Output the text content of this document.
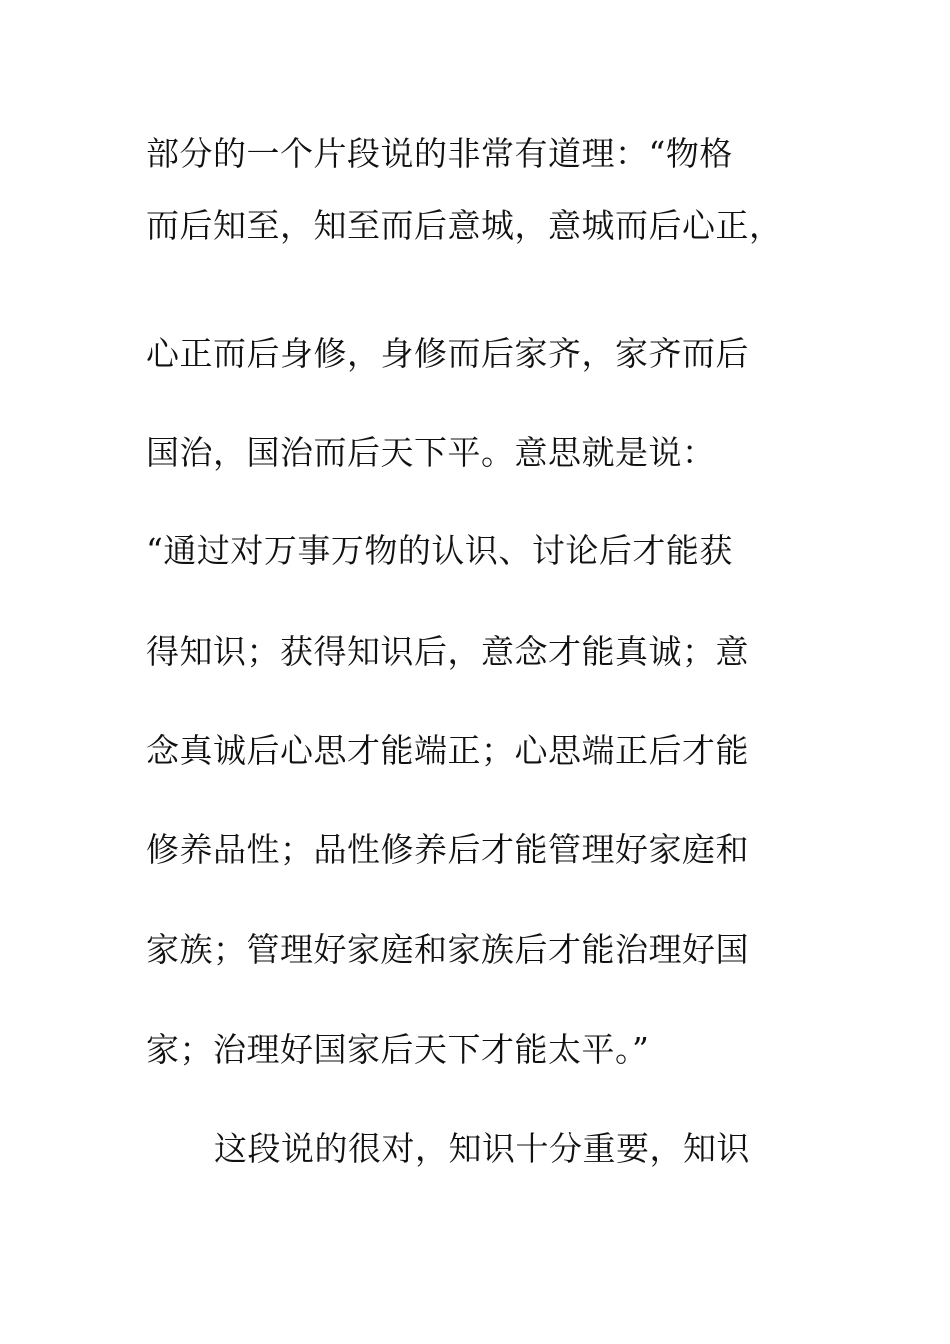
部分的一个片段说的非常有道理：“物格
而后知至，知至而后意城，意城而后心正，
心正而后身修，身修而后家齐，家齐而后
国治，国治而后天下平。意思就是说：
“通过对万事万物的认识、讨论后才能获
得知识；获得知识后，意念才能真诚；意
念真诚后心思才能端正；心思端正后才能
修养品性；品性修养后才能管理好家庭和
家族；管理好家庭和家族后才能治理好国
家；治理好国家后天下才能太平。”
这段说的很对，知识十分重要，知识
